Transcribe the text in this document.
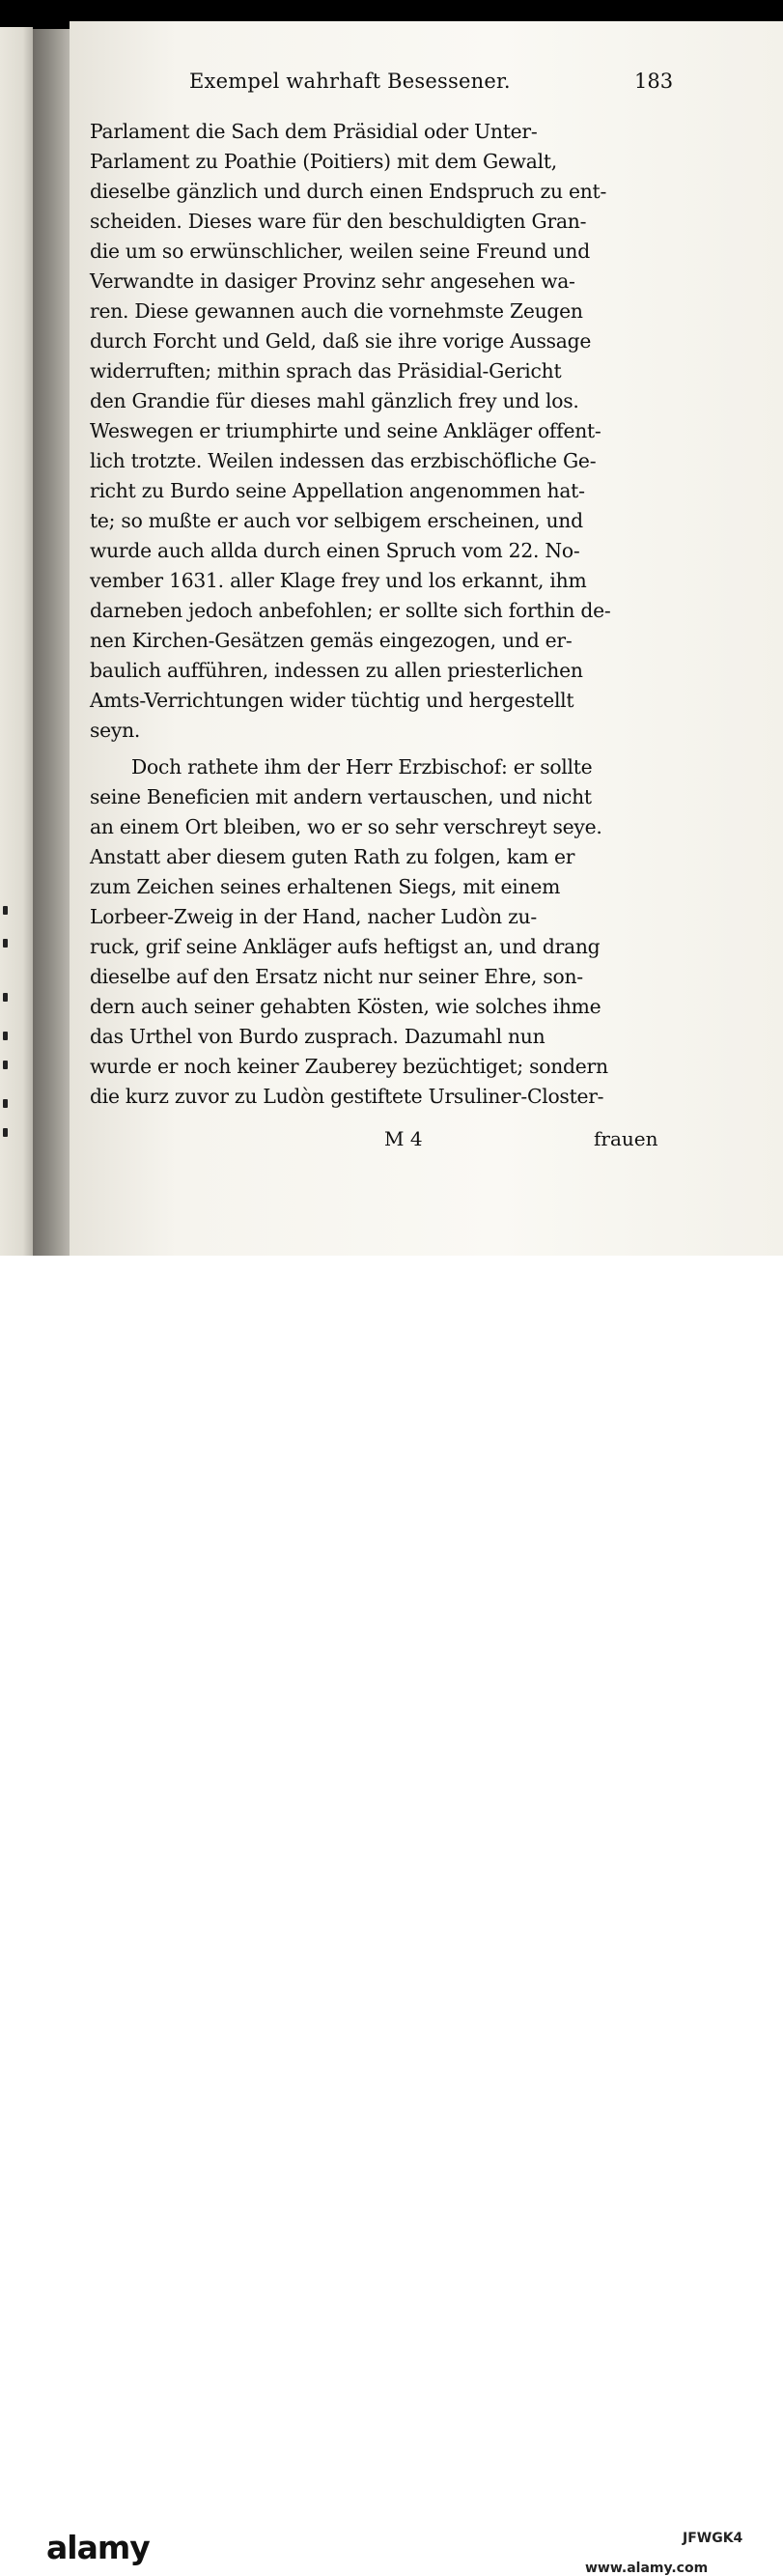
Exempel wahrhaft Besessener.	183

Parlament die Sach dem Präsidial oder Unter-

Parlament zu Poathie (Poitiers) mit dem Gewalt,

dieselbe gänzlich und durch einen Endspruch zu ent-

scheiden. Dieses ware für den beschuldigten Gran-

die um so erwünschlicher, weilen seine Freund und

Verwandte in dasiger Provinz sehr angesehen wa-

ren. Diese gewannen auch die vornehmste Zeugen

durch Forcht und Geld, daß sie ihre vorige Aussage

widerruften; mithin sprach das Präsidial-Gericht

den Grandie für dieses mahl gänzlich frey und los.

Weswegen er triumphirte und seine Ankläger offent-

lich trotzte. Weilen indessen das erzbischöfliche Ge-

richt zu Burdo seine Appellation angenommen hat-

te; so mußte er auch vor selbigem erscheinen, und

wurde auch allda durch einen Spruch vom 22. No-

vember 1631. aller Klage frey und los erkannt, ihm

darneben jedoch anbefohlen; er sollte sich forthin de-

nen Kirchen-Gesätzen gemäs eingezogen, und er-

baulich aufführen, indessen zu allen priesterlichen

Amts-Verrichtungen wider tüchtig und hergestellt

seyn.

Doch rathete ihm der Herr Erzbischof: er sollte

seine Beneficien mit andern vertauschen, und nicht

an einem Ort bleiben, wo er so sehr verschreyt seye.

Anstatt aber diesem guten Rath zu folgen, kam er

zum Zeichen seines erhaltenen Siegs, mit einem

Lorbeer-Zweig in der Hand, nacher Ludòn zu-

ruck, grif seine Ankläger aufs heftigst an, und drang

dieselbe auf den Ersatz nicht nur seiner Ehre, son-

dern auch seiner gehabten Kösten, wie solches ihme

das Urthel von Burdo zusprach. Dazumahl nun

wurde er noch keiner Zauberey bezüchtiget; sondern

die kurz zuvor zu Ludòn gestiftete Ursuliner-Closter-

M 4	frauen

alamy	JFWGK4

www.alamy.com
